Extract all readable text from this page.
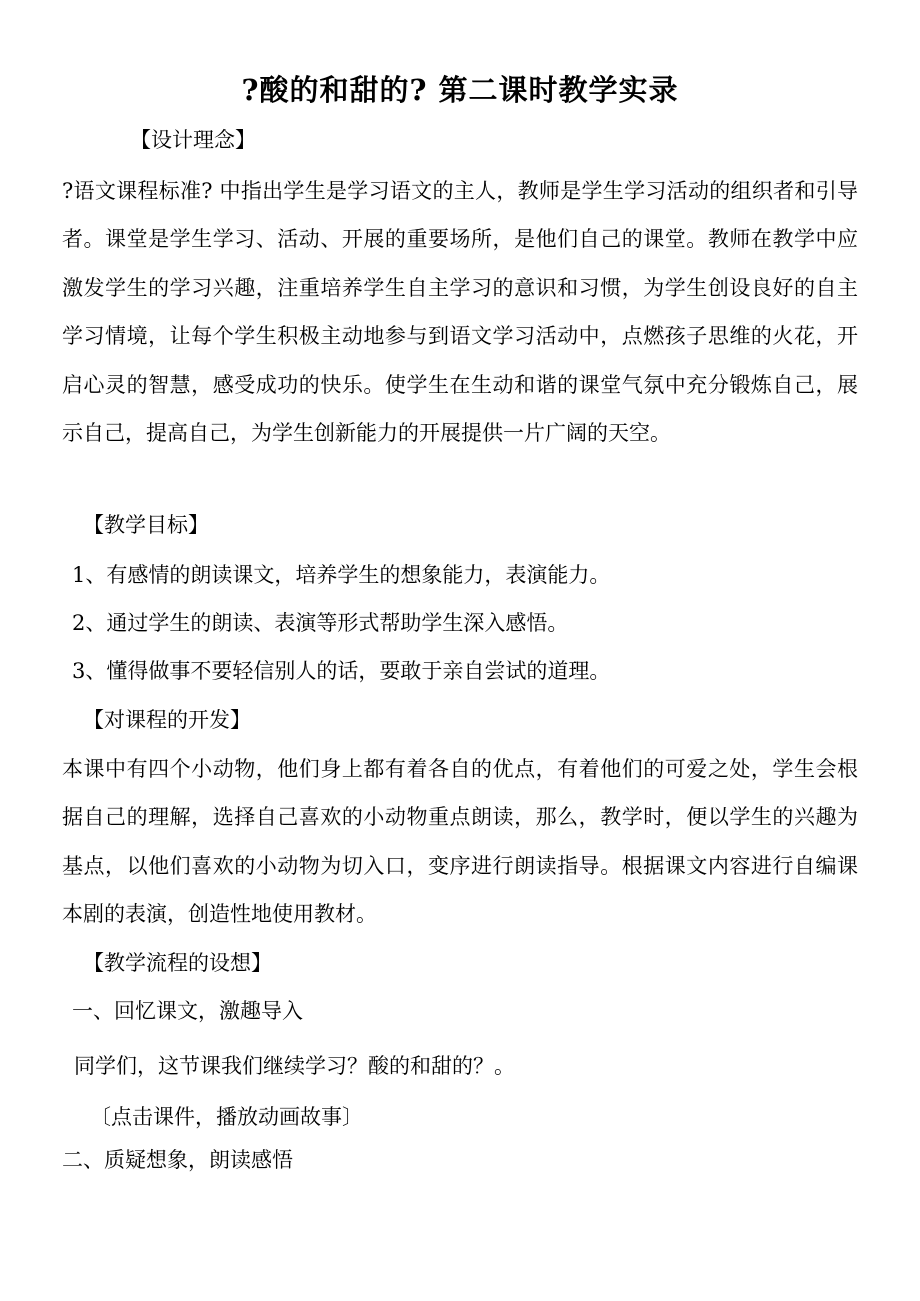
?酸的和甜的? 第二课时教学实录
【设计理念】

?语文课程标准? 中指出学生是学习语文的主人，教师是学生学习活动的组织者和引导者。课堂是学生学习、活动、开展的重要场所，是他们自己的课堂。教师在教学中应激发学生的学习兴趣，注重培养学生自主学习的意识和习惯，为学生创设良好的自主学习情境，让每个学生积极主动地参与到语文学习活动中，点燃孩子思维的火花，开启心灵的智慧，感受成功的快乐。使学生在生动和谐的课堂气氛中充分锻炼自己，展示自己，提高自己，为学生创新能力的开展提供一片广阔的天空。

【教学目标】
1、有感情的朗读课文，培养学生的想象能力，表演能力。
2、通过学生的朗读、表演等形式帮助学生深入感悟。
3、懂得做事不要轻信别人的话，要敢于亲自尝试的道理。
【对课程的开发】

本课中有四个小动物，他们身上都有着各自的优点，有着他们的可爱之处，学生会根据自己的理解，选择自己喜欢的小动物重点朗读，那么，教学时，便以学生的兴趣为基点，以他们喜欢的小动物为切入口，变序进行朗读指导。根据课文内容进行自编课本剧的表演，创造性地使用教材。

【教学流程的设想】
一、回忆课文，激趣导入
同学们，这节课我们继续学习？酸的和甜的？。
〔点击课件，播放动画故事〕
二、质疑想象，朗读感悟
